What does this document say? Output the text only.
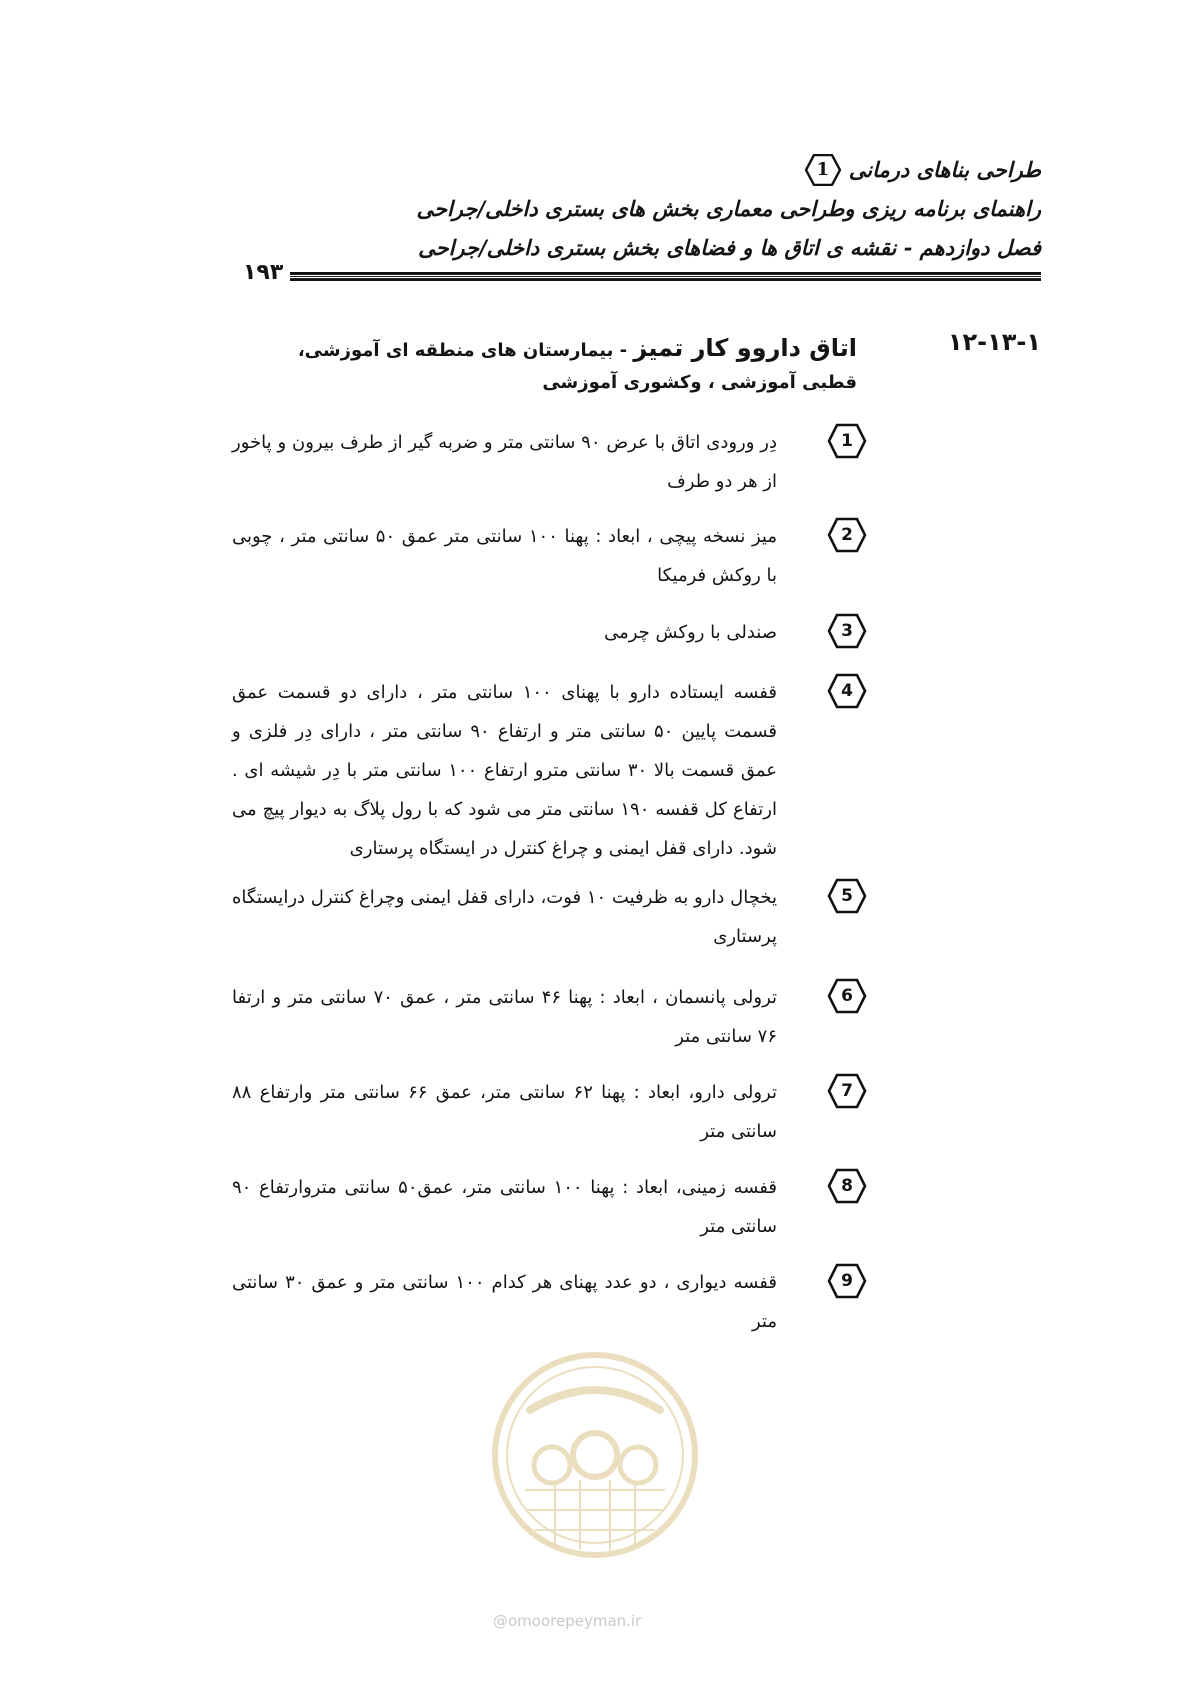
طراحی بناهای درمانی
1
راهنمای برنامه ریزی وطراحی معماری بخش های بستری داخلی/جراحی
فصل دوازدهم - نقشه ی اتاق ها و فضاهای بخش بستری داخلی/جراحی
۱۹۳
۱۲-۱۳-۱
اتاق داروو کار تمیز - بیمارستان های منطقه ای آموزشی، قطبی آموزشی ، وکشوری آموزشی
1
دِر ورودی اتاق با عرض ۹۰ سانتی متر و ضربه گیر از طرف بیرون و پاخور از هر دو طرف
2
میز نسخه پیچی ، ابعاد : پهنا ۱۰۰ سانتی متر عمق ۵۰ سانتی متر ، چوبی با روکش فرمیکا
3
صندلی با روکش چرمی
4
قفسه ایستاده دارو با پهنای ۱۰۰ سانتی متر ، دارای دو قسمت عمق قسمت پایین ۵۰ سانتی متر و ارتفاع ۹۰ سانتی متر ، دارای دِر فلزی و عمق قسمت بالا ۳۰ سانتی مترو ارتفاع ۱۰۰ سانتی متر با دِر شیشه ای . ارتفاع کل قفسه ۱۹۰ سانتی متر می شود که با رول پلاگ به دیوار پیچ می شود. دارای قفل ایمنی و چراغ کنترل در ایستگاه پرستاری
5
یخچال دارو به ظرفیت ۱۰ فوت، دارای قفل ایمنی وچراغ کنترل درایستگاه پرستاری
6
ترولی پانسمان ، ابعاد : پهنا ۴۶ سانتی متر ، عمق ۷۰ سانتی متر و ارتفا ۷۶ سانتی متر
7
ترولی دارو، ابعاد : پهنا ۶۲ سانتی متر، عمق ۶۶ سانتی متر وارتفاع ۸۸ سانتی متر
8
قفسه زمینی، ابعاد : پهنا ۱۰۰ سانتی متر، عمق۵۰ سانتی متروارتفاع ۹۰ سانتی متر
9
قفسه دیواری ، دو عدد پهنای هر کدام ۱۰۰ سانتی متر و عمق ۳۰ سانتی متر
@omoorepeyman.ir
